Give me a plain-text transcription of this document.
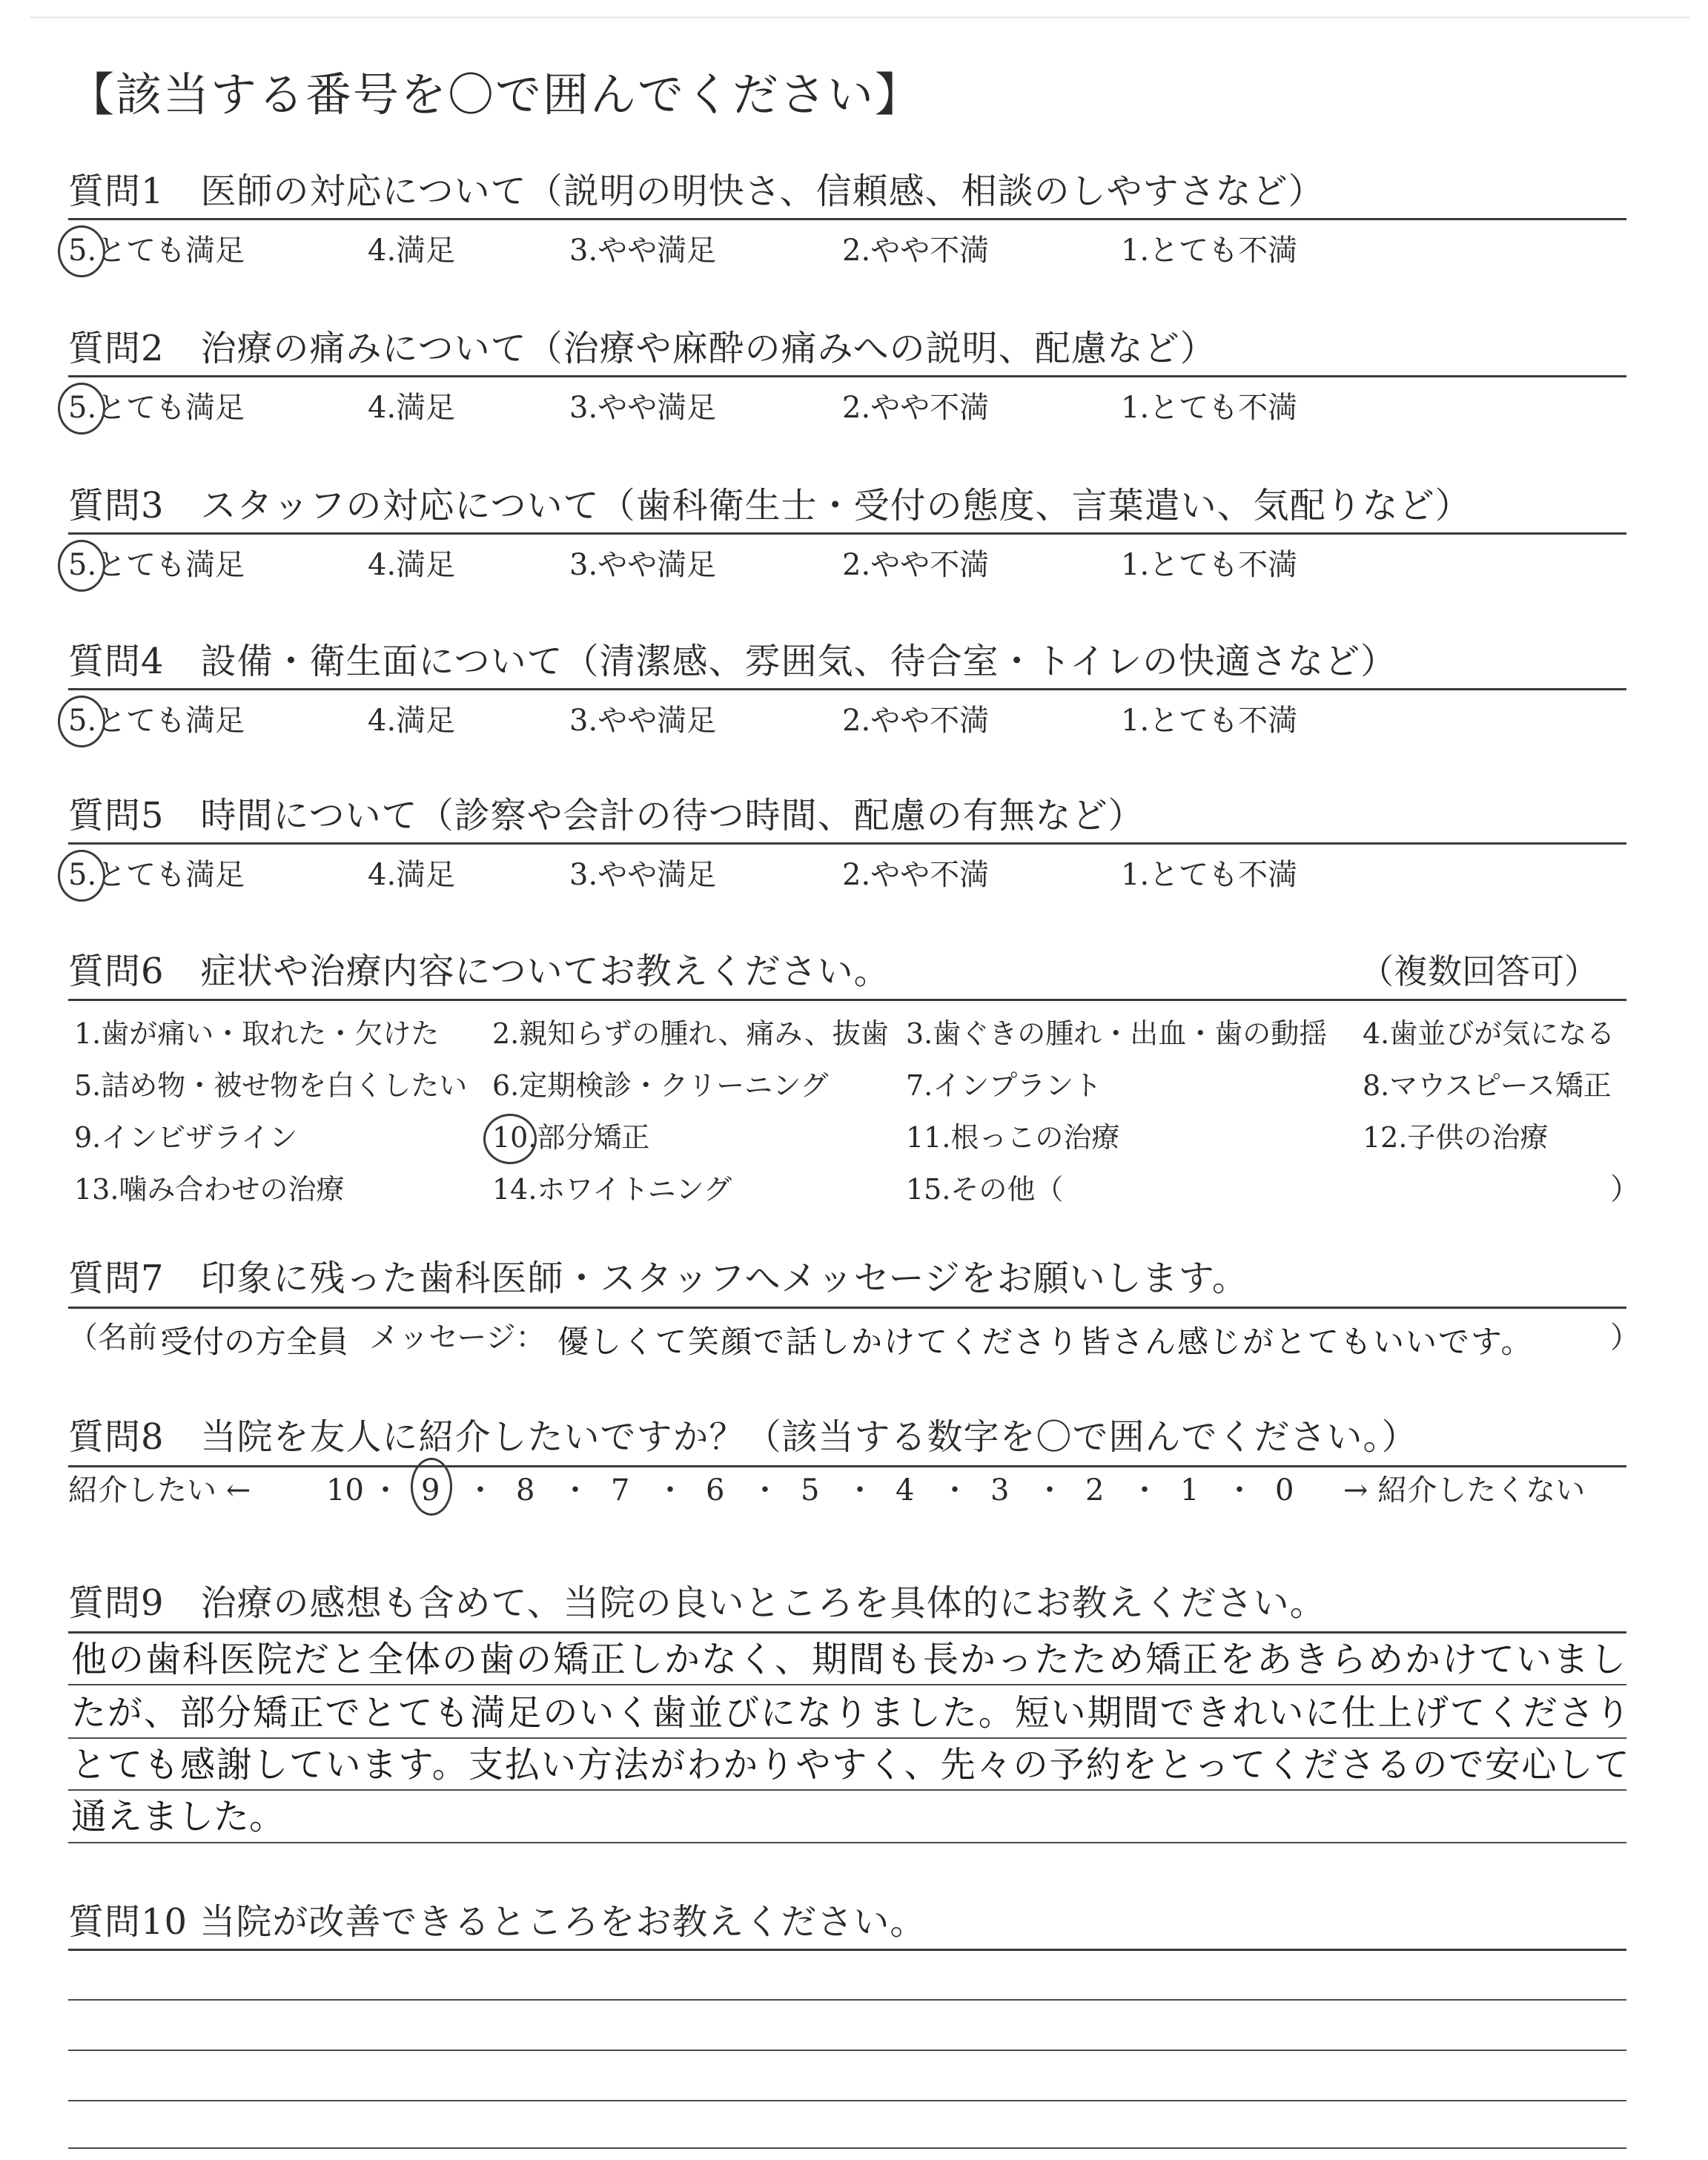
【該当する番号を〇で囲んでください】
質問1　医師の対応について（説明の明快さ、信頼感、相談のしやすさなど）
5.とても満足	4.満足	3.やや満足	2.やや不満	1.とても不満
質問2　治療の痛みについて（治療や麻酔の痛みへの説明、配慮など）
5.とても満足	4.満足	3.やや満足	2.やや不満	1.とても不満
質問3　スタッフの対応について（歯科衛生士・受付の態度、言葉遣い、気配りなど）
5.とても満足	4.満足	3.やや満足	2.やや不満	1.とても不満
質問4　設備・衛生面について（清潔感、雰囲気、待合室・トイレの快適さなど）
5.とても満足	4.満足	3.やや満足	2.やや不満	1.とても不満
質問5　時間について（診察や会計の待つ時間、配慮の有無など）
5.とても満足	4.満足	3.やや満足	2.やや不満	1.とても不満
質問6　症状や治療内容についてお教えください。	（複数回答可）
1.歯が痛い・取れた・欠けた 2.親知らずの腫れ、痛み、抜歯 3.歯ぐきの腫れ・出血・歯の動揺 4.歯並びが気になる
5.詰め物・被せ物を白くしたい 6.定期検診・クリーニング	7.インプラント	8.マウスピース矯正
9.インビザライン	10.部分矯正	11.根っこの治療	12.子供の治療
13.噛み合わせの治療	14.ホワイトニング	15.その他（	）
質問7　印象に残った歯科医師・スタッフへメッセージをお願いします。
（名前：
受付の方全員 メッセージ： 優しくて笑顔で話しかけてくださり皆さん感じがとてもいいです。	）
質問8　当院を友人に紹介したいですか？（該当する数字を〇で囲んでください。）
紹介したい ←	10 ・ 9 ・ 8 ・ 7 ・ 6 ・ 5 ・ 4 ・ 3 ・ 2 ・ 1 ・ 0 → 紹介したくない
質問9　治療の感想も含めて、当院の良いところを具体的にお教えください。
他の歯科医院だと全体の歯の矯正しかなく、期間も長かったため矯正をあきらめかけていまし
たが、部分矯正でとても満足のいく歯並びになりました。短い期間できれいに仕上げてくださり
とても感謝しています。支払い方法がわかりやすく、先々の予約をとってくださるので安心して
通えました。
質問10 当院が改善できるところをお教えください。
